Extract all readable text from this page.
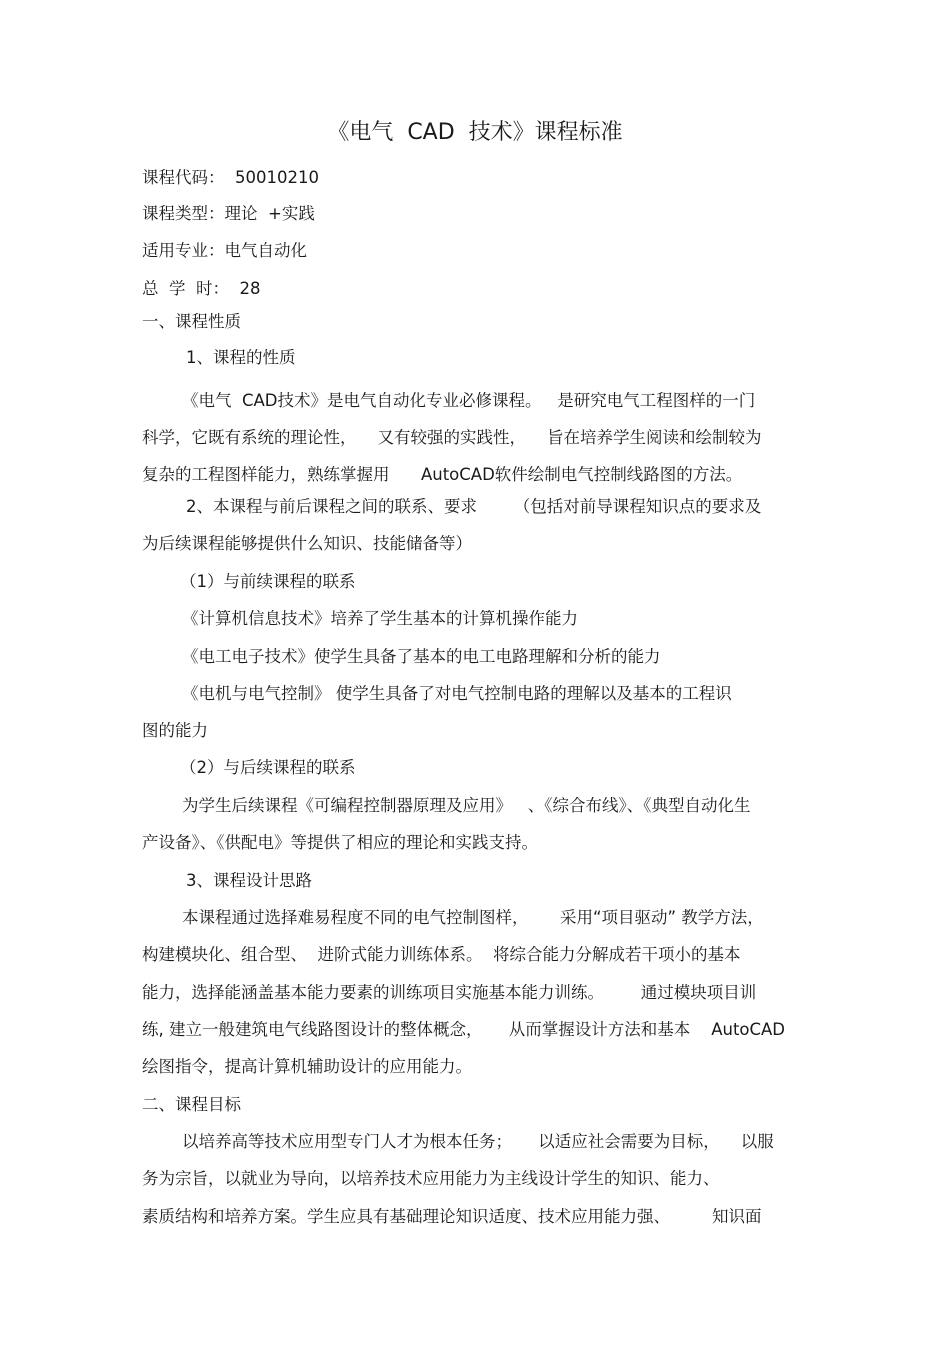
《电气  CAD  技术》课程标准

课程代码：  50010210

课程类型：理论  +实践

适用专业：电气自动化

总  学  时：  28

一、课程性质

1、课程的性质

《电气  CAD技术》是电气自动化专业必修课程。   是研究电气工程图样的一门

科学，它既有系统的理论性，    又有较强的实践性，    旨在培养学生阅读和绘制较为

复杂的工程图样能力，熟练掌握用      AutoCAD软件绘制电气控制线路图的方法。

2、本课程与前后课程之间的联系、要求       （包括对前导课程知识点的要求及

为后续课程能够提供什么知识、技能储备等）

（1）与前续课程的联系

《计算机信息技术》培养了学生基本的计算机操作能力

《电工电子技术》使学生具备了基本的电工电路理解和分析的能力

《电机与电气控制》 使学生具备了对电气控制电路的理解以及基本的工程识

图的能力

（2）与后续课程的联系

为学生后续课程《可编程控制器原理及应用》   、《综合布线》、《典型自动化生

产设备》、《供配电》等提供了相应的理论和实践支持。

3、课程设计思路

本课程通过选择难易程度不同的电气控制图样，      采用“项目驱动” 教学方法，

构建模块化、组合型、  进阶式能力训练体系。  将综合能力分解成若干项小的基本

能力，选择能涵盖基本能力要素的训练项目实施基本能力训练。       通过模块项目训

练, 建立一般建筑电气线路图设计的整体概念，     从而掌握设计方法和基本    AutoCAD

绘图指令，提高计算机辅助设计的应用能力。

二、课程目标

以培养高等技术应用型专门人才为根本任务；     以适应社会需要为目标，    以服

务为宗旨，以就业为导向，以培养技术应用能力为主线设计学生的知识、能力、

素质结构和培养方案。学生应具有基础理论知识适度、技术应用能力强、        知识面
